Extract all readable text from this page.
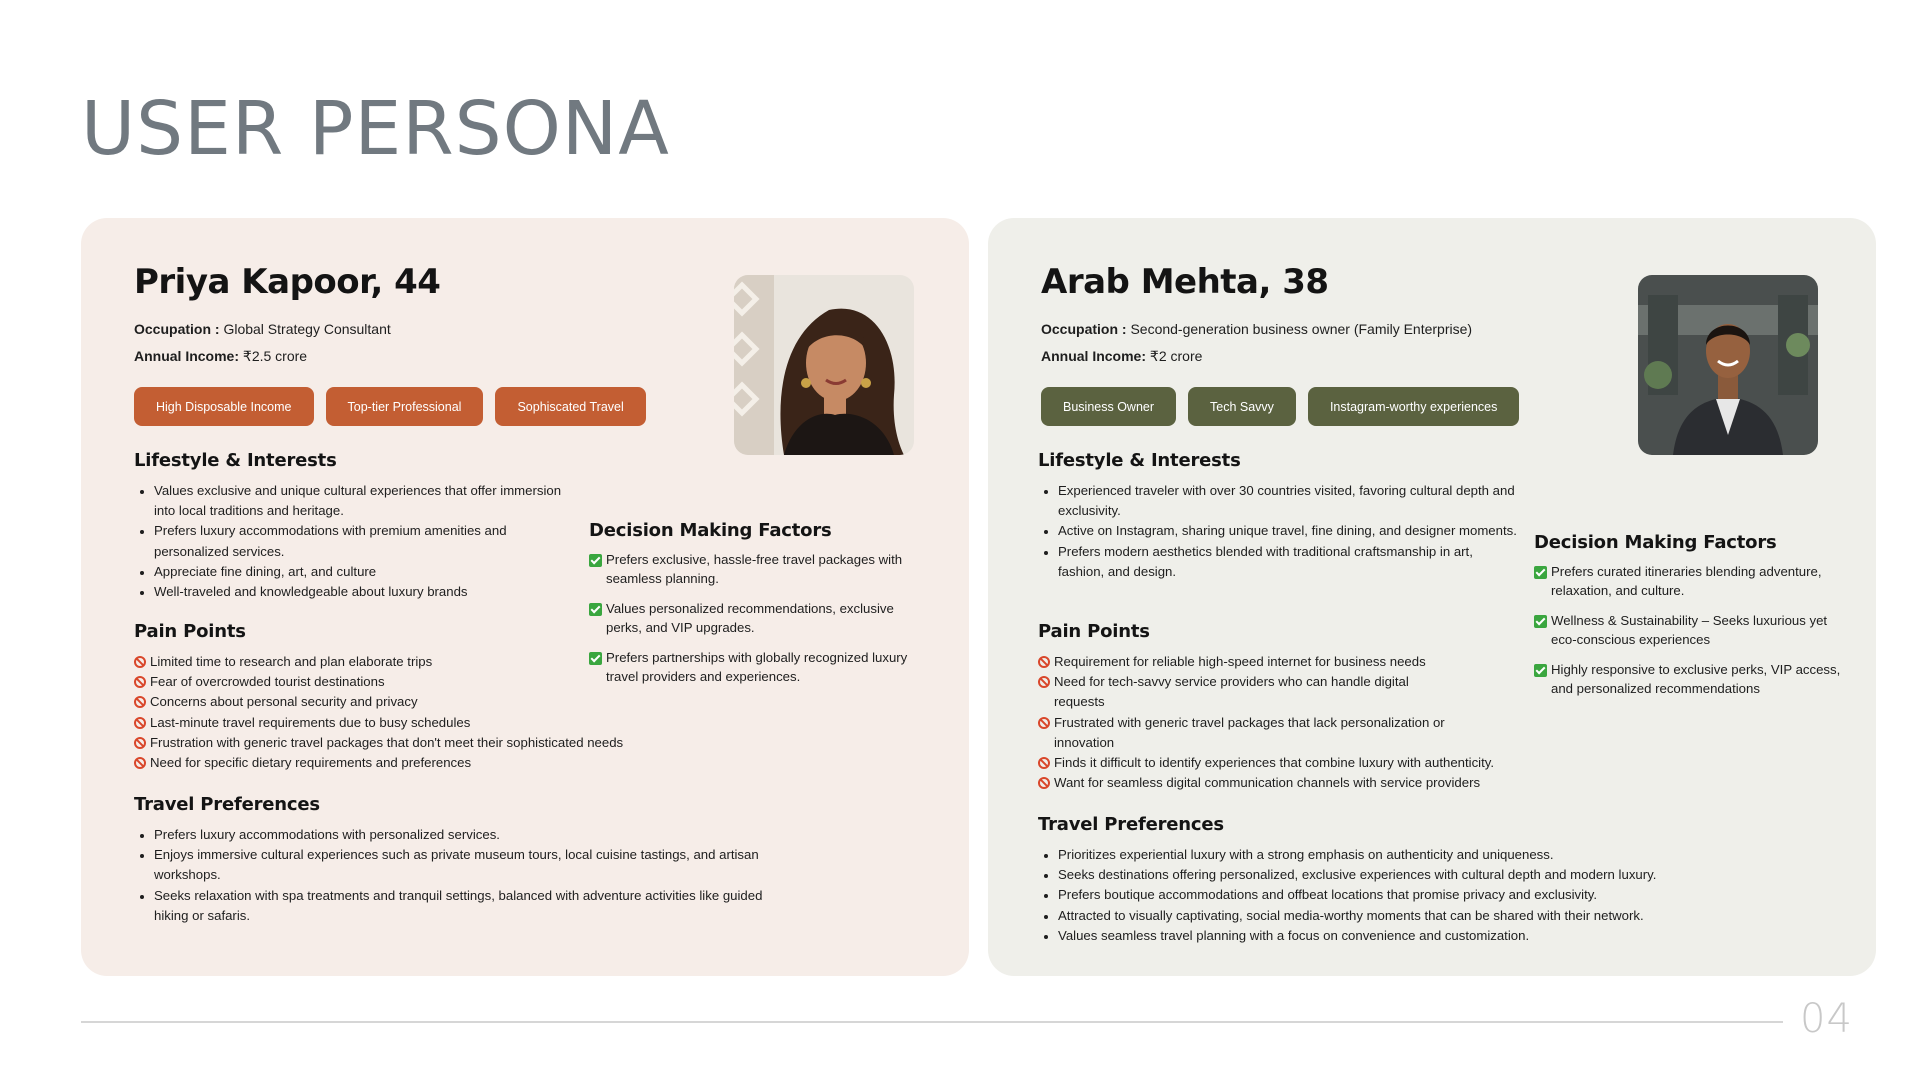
USER PERSONA
Priya Kapoor, 44
Occupation : Global Strategy Consultant
Annual Income: ₹2.5 crore
High Disposable Income	Top-tier Professional	Sophiscated Travel
Lifestyle & Interests
Values exclusive and unique cultural experiences that offer immersion into local traditions and heritage.
Prefers luxury accommodations with premium amenities and personalized services.
Appreciate fine dining, art, and culture
Well-traveled and knowledgeable about luxury brands
Pain Points
Limited time to research and plan elaborate trips
Fear of overcrowded tourist destinations
Concerns about personal security and privacy
Last-minute travel requirements due to busy schedules
Frustration with generic travel packages that don't meet their sophisticated needs
Need for specific dietary requirements and preferences
Decision Making Factors
Prefers exclusive, hassle-free travel packages with seamless planning.
Values personalized recommendations, exclusive perks, and VIP upgrades.
Prefers partnerships with globally recognized luxury travel providers and experiences.
Travel Preferences
Prefers luxury accommodations with personalized services.
Enjoys immersive cultural experiences such as private museum tours, local cuisine tastings, and artisan workshops.
Seeks relaxation with spa treatments and tranquil settings, balanced with adventure activities like guided hiking or safaris.
Arab Mehta, 38
Occupation : Second-generation business owner (Family Enterprise)
Annual Income: ₹2 crore
Business Owner	Tech Savvy	Instagram-worthy experiences
Lifestyle & Interests
Experienced traveler with over 30 countries visited, favoring cultural depth and exclusivity.
Active on Instagram, sharing unique travel, fine dining, and designer moments.
Prefers modern aesthetics blended with traditional craftsmanship in art, fashion, and design.
Pain Points
Requirement for reliable high-speed internet for business needs
Need for tech-savvy service providers who can handle digital requests
Frustrated with generic travel packages that lack personalization or innovation
Finds it difficult to identify experiences that combine luxury with authenticity.
Want for seamless digital communication channels with service providers
Decision Making Factors
Prefers curated itineraries blending adventure, relaxation, and culture.
Wellness & Sustainability – Seeks luxurious yet eco-conscious experiences
Highly responsive to exclusive perks, VIP access, and personalized recommendations
Travel Preferences
Prioritizes experiential luxury with a strong emphasis on authenticity and uniqueness.
Seeks destinations offering personalized, exclusive experiences with cultural depth and modern luxury.
Prefers boutique accommodations and offbeat locations that promise privacy and exclusivity.
Attracted to visually captivating, social media-worthy moments that can be shared with their network.
Values seamless travel planning with a focus on convenience and customization.
04
